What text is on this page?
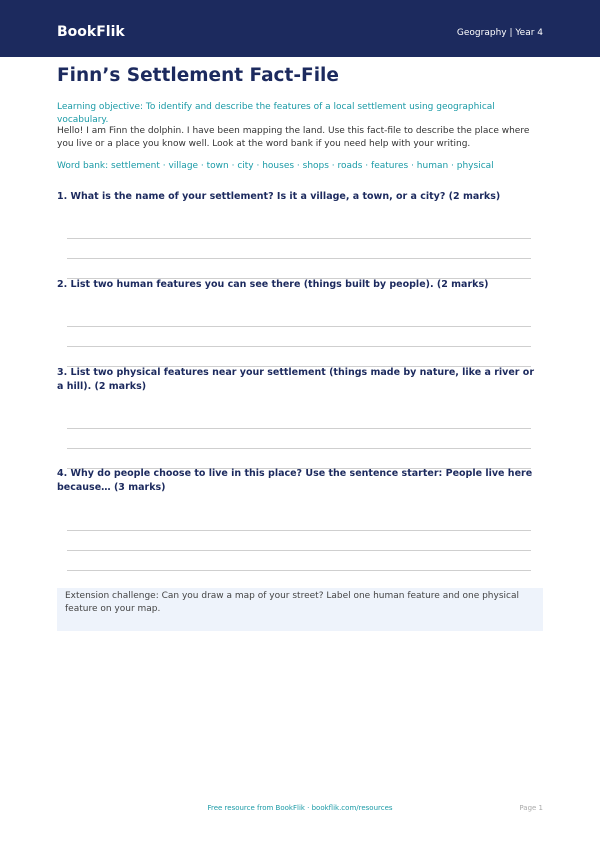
BookFlik	Geography | Year 4
Finn’s Settlement Fact-File
Learning objective: To identify and describe the features of a local settlement using geographical vocabulary.
Hello! I am Finn the dolphin. I have been mapping the land. Use this fact-file to describe the place where you live or a place you know well. Look at the word bank if you need help with your writing.
Word bank: settlement · village · town · city · houses · shops · roads · features · human · physical
1. What is the name of your settlement? Is it a village, a town, or a city? (2 marks)
2. List two human features you can see there (things built by people). (2 marks)
3. List two physical features near your settlement (things made by nature, like a river or a hill). (2 marks)
4. Why do people choose to live in this place? Use the sentence starter: People live here because… (3 marks)
Extension challenge: Can you draw a map of your street? Label one human feature and one physical feature on your map.
Free resource from BookFlik · bookflik.com/resources	Page 1
